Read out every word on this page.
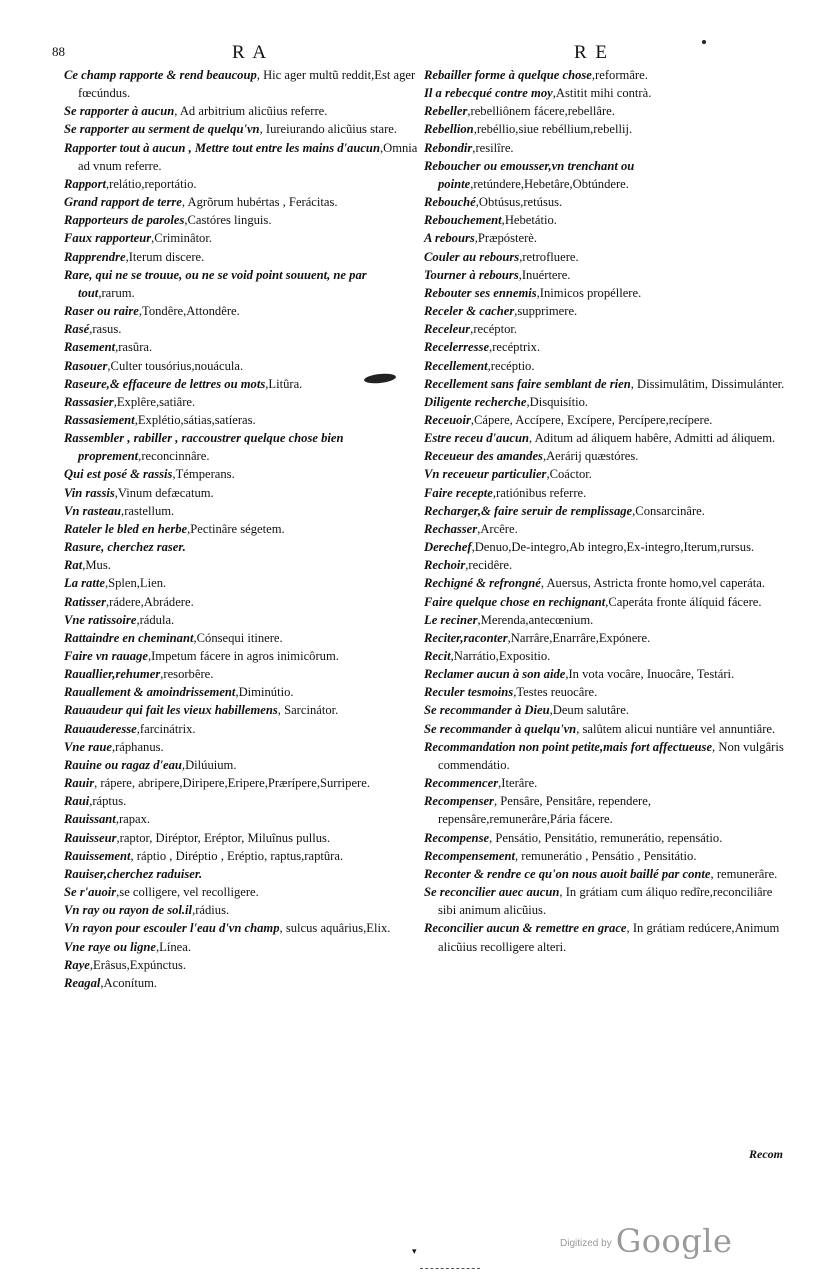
88	R A	R E

Ce champ rapporte & rend beaucoup, Hic ager multũ reddit,Est ager fœcúndus.

Se rapporter à aucun, Ad arbitrium alicũius referre.

Se rapporter au serment de quelqu'vn, Iureiurando alicũius stare.

Rapporter tout à aucun , Mettre tout entre les mains d'aucun,Omnia ad vnum referre.

Rapport,relátio,reportátio.

Grand rapport de terre, Agrõrum hubértas , Ferácitas.

Rapporteurs de paroles,Castóres linguis.

Faux rapporteur,Criminâtor.

Rapprendre,Iterum discere.

Rare, qui ne se trouue, ou ne se void point souuent, ne par tout,rarum.

Raser ou raire,Tondêre,Attondêre.

Rasé,rasus.

Rasement,rasûra.

Rasouer,Culter tousórius,nouácula.

Raseure,& effaceure de lettres ou mots,Litûra.

Rassasier,Explêre,satiâre.

Rassasiement,Explétio,sátias,satíeras.

Rassembler , rabiller , raccoustrer quelque chose bien proprement,reconcinnâre.

Qui est posé & rassis,Témperans.

Vin rassis,Vinum defæcatum.

Vn rasteau,rastellum.

Rateler le bled en herbe,Pectinâre ségetem.

Rasure, cherchez raser.

Rat,Mus.

La ratte,Splen,Lien.

Ratisser,rádere,Abrádere.

Vne ratissoire,rádula.

Rattaindre en cheminant,Cónsequi itinere.

Faire vn rauage,Impetum fácere in agros inimicôrum.

Rauallier,rehumer,resorbêre.

Rauallement & amoindrissement,Diminútio.

Rauaudeur qui fait les vieux habillemens, Sarcinátor.

Rauauderesse,farcinátrix.

Vne raue,ráphanus.

Rauine ou ragaz d'eau,Dilúuium.

Rauir, rápere, abripere,Diripere,Eripere,Prærípere,Surripere.

Raui,ráptus.

Rauissant,rapax.

Rauisseur,raptor, Diréptor, Eréptor, Miluînus pullus.

Rauissement, ráptio , Diréptio , Eréptio, raptus,raptûra.

Rauiser,cherchez raduiser.

Se r'auoir,se colligere, vel recolligere.

Vn ray ou rayon de sol.il,rádius.

Vn rayon pour escouler l'eau d'vn champ, sulcus aquârius,Elix.

Vne raye ou ligne,Línea.

Raye,Erâsus,Expúnctus.

Reagal,Aconítum.

Rebailler forme à quelque chose,reformâre.

Il a rebecqué contre moy,Astitit mihi contrà.

Rebeller,rebelliônem fácere,rebellâre.

Rebellion,rebéllio,siue rebéllium,rebellij.

Rebondir,resilîre.

Reboucher ou emousser,vn trenchant ou pointe,retúndere,Hebetâre,Obtúndere.

Rebouché,Obtúsus,retúsus.

Rebouchement,Hebetátio.

A rebours,Præpósterè.

Couler au rebours,retrofluere.

Tourner à rebours,Inuértere.

Rebouter ses ennemis,Inimicos propéllere.

Receler & cacher,supprimere.

Receleur,recéptor.

Recelerresse,recéptrix.

Recellement,recéptio.

Recellement sans faire semblant de rien, Dissimulâtim, Dissimulánter.

Diligente recherche,Disquisítio.

Receuoir,Cápere, Accípere, Excípere, Percípere,recípere.

Estre receu d'aucun, Aditum ad áliquem habêre, Admitti ad áliquem.

Receueur des amandes,Aerárij quæstóres.

Vn receueur particulier,Coáctor.

Faire recepte,ratiónibus referre.

Recharger,& faire seruir de remplissage,Consarcinâre.

Rechasser,Arcêre.

Derechef,Denuo,De-integro,Ab integro,Ex-integro,Iterum,rursus.

Rechoir,recidêre.

Rechigné & refrongné, Auersus, Astricta fronte homo,vel caperáta.

Faire quelque chose en rechignant,Caperáta fronte álíquid fácere.

Le reciner,Merenda,antecœnium.

Reciter,raconter,Narrâre,Enarrâre,Expónere.

Recit,Narrátio,Expositio.

Reclamer aucun à son aide,In vota vocâre, Inuocâre, Testári.

Reculer tesmoins,Testes reuocâre.

Se recommander à Dieu,Deum salutâre.

Se recommander à quelqu'vn, salûtem alicui nuntiâre vel annuntiâre.

Recommandation non point petite,mais fort affectueuse, Non vulgâris commendátio.

Recommencer,Iterâre.

Recompenser, Pensâre, Pensitâre, rependere, repensâre,remunerâre,Pária fácere.

Recompense, Pensátio, Pensitátio, remunerátio, repensátio.

Recompensement, remunerátio , Pensátio , Pensitátio.

Reconter & rendre ce qu'on nous auoit baillé par conte, remunerâre.

Se reconcilier auec aucun, In grátiam cum áliquo redîre,reconciliâre sibi animum alicũius.

Reconcilier aucun & remettre en grace, In grátiam redúcere,Animum alicũius recolligere alteri.

Recom
▾
$^{Digitized by}$ Google
